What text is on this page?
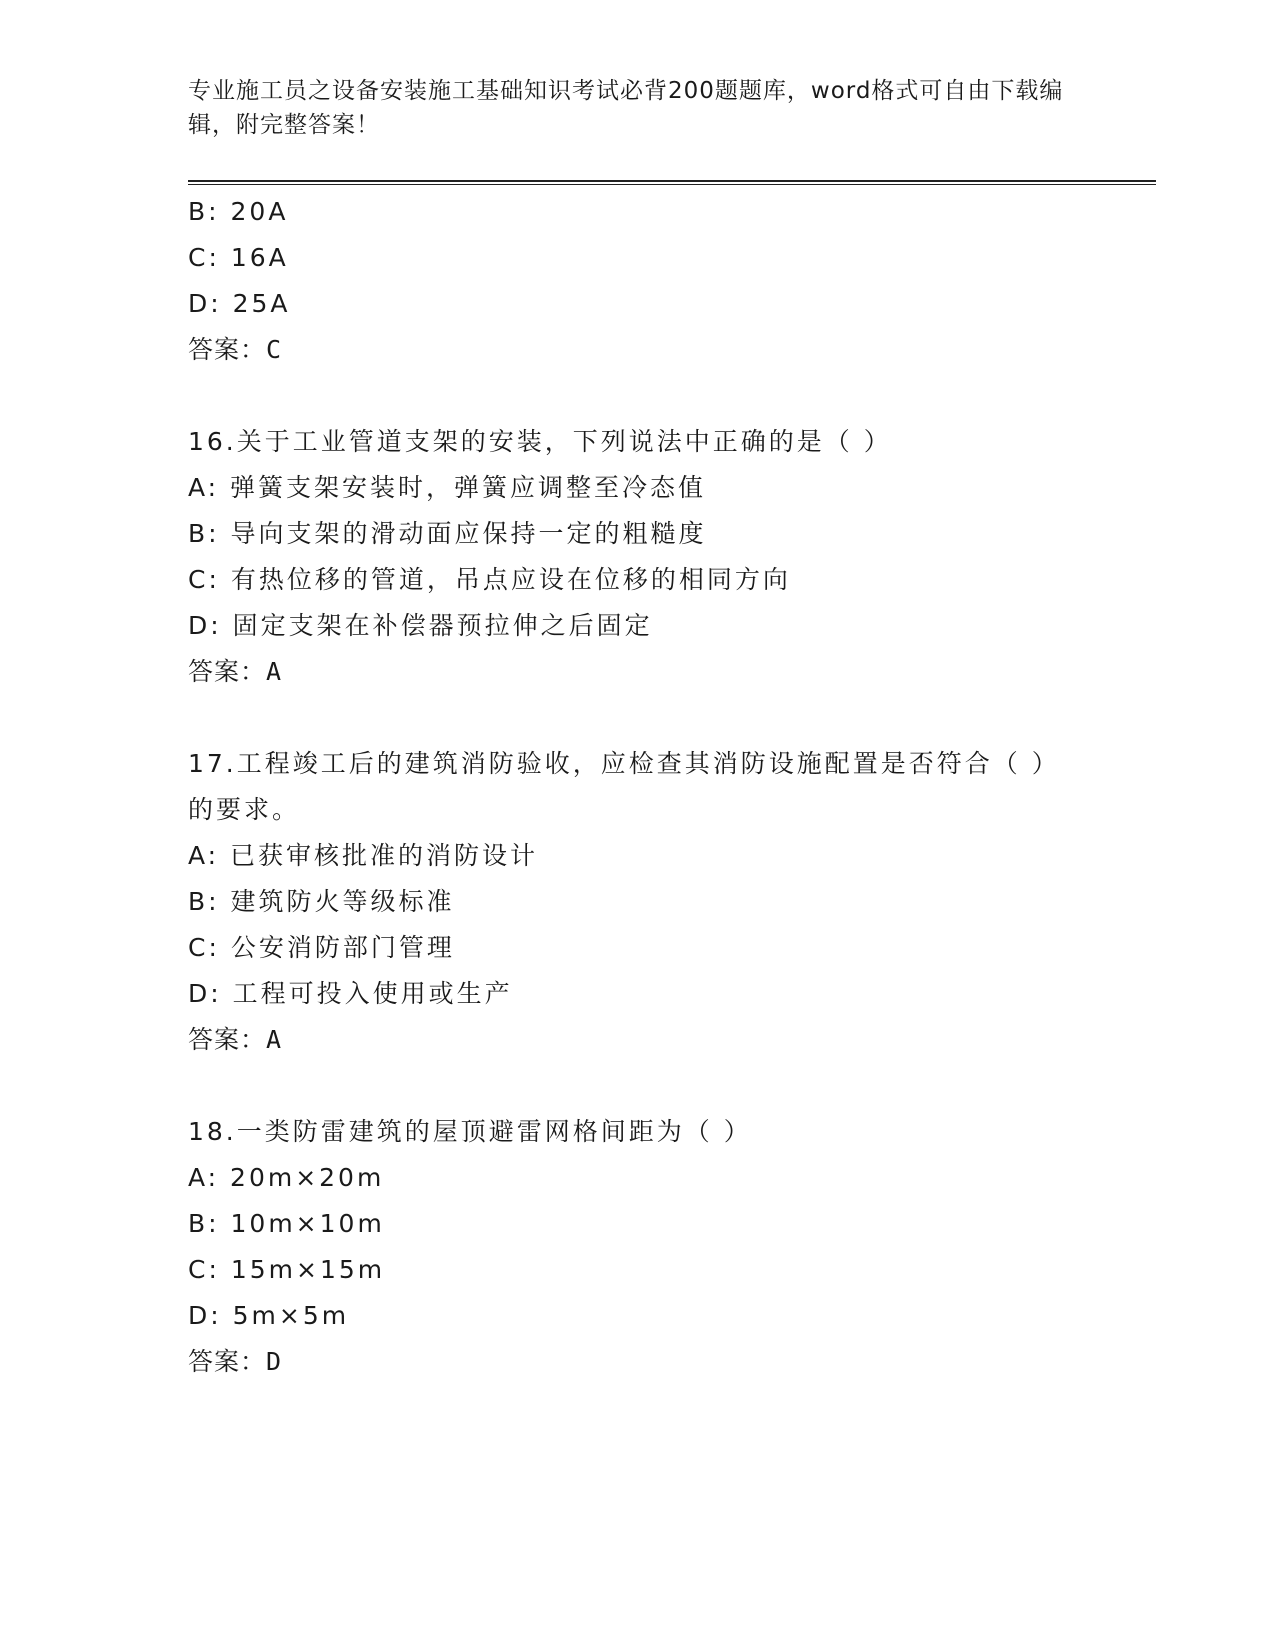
专业施工员之设备安装施工基础知识考试必背200题题库，word格式可自由下载编辑，附完整答案！
B: 20A
C: 16A
D: 25A
答案：C
16.关于工业管道支架的安装，下列说法中正确的是（ ）
A: 弹簧支架安装时，弹簧应调整至冷态值
B: 导向支架的滑动面应保持一定的粗糙度
C: 有热位移的管道，吊点应设在位移的相同方向
D: 固定支架在补偿器预拉伸之后固定
答案：A
17.工程竣工后的建筑消防验收，应检查其消防设施配置是否符合（ ）的要求。
A: 已获审核批准的消防设计
B: 建筑防火等级标准
C: 公安消防部门管理
D: 工程可投入使用或生产
答案：A
18.一类防雷建筑的屋顶避雷网格间距为（ ）
A: 20m×20m
B: 10m×10m
C: 15m×15m
D: 5m×5m
答案：D
